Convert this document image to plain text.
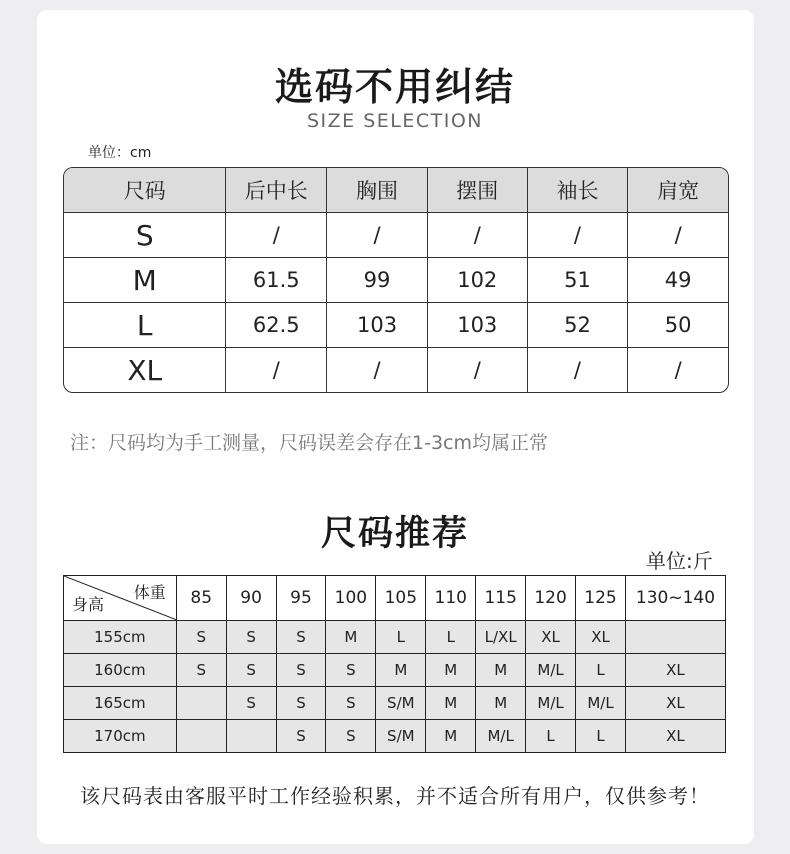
选码不用纠结
SIZE SELECTION
单位：cm
尺码	后中长	胸围	摆围	袖长	肩宽
S	/	/	/	/	/
M	61.5	99	102	51	49
L	62.5	103	103	52	50
XL	/	/	/	/	/
注：尺码均为手工测量，尺码误差会存在1-3cm均属正常
尺码推荐
单位:斤
体重
身高	85	90	95	100	105	110	115	120	125	130~140
155cm	S	S	S	M	L	L	L/XL	XL	XL	
160cm	S	S	S	S	M	M	M	M/L	L	XL
165cm		S	S	S	S/M	M	M	M/L	M/L	XL
170cm			S	S	S/M	M	M/L	L	L	XL
该尺码表由客服平时工作经验积累，并不适合所有用户，仅供参考！
